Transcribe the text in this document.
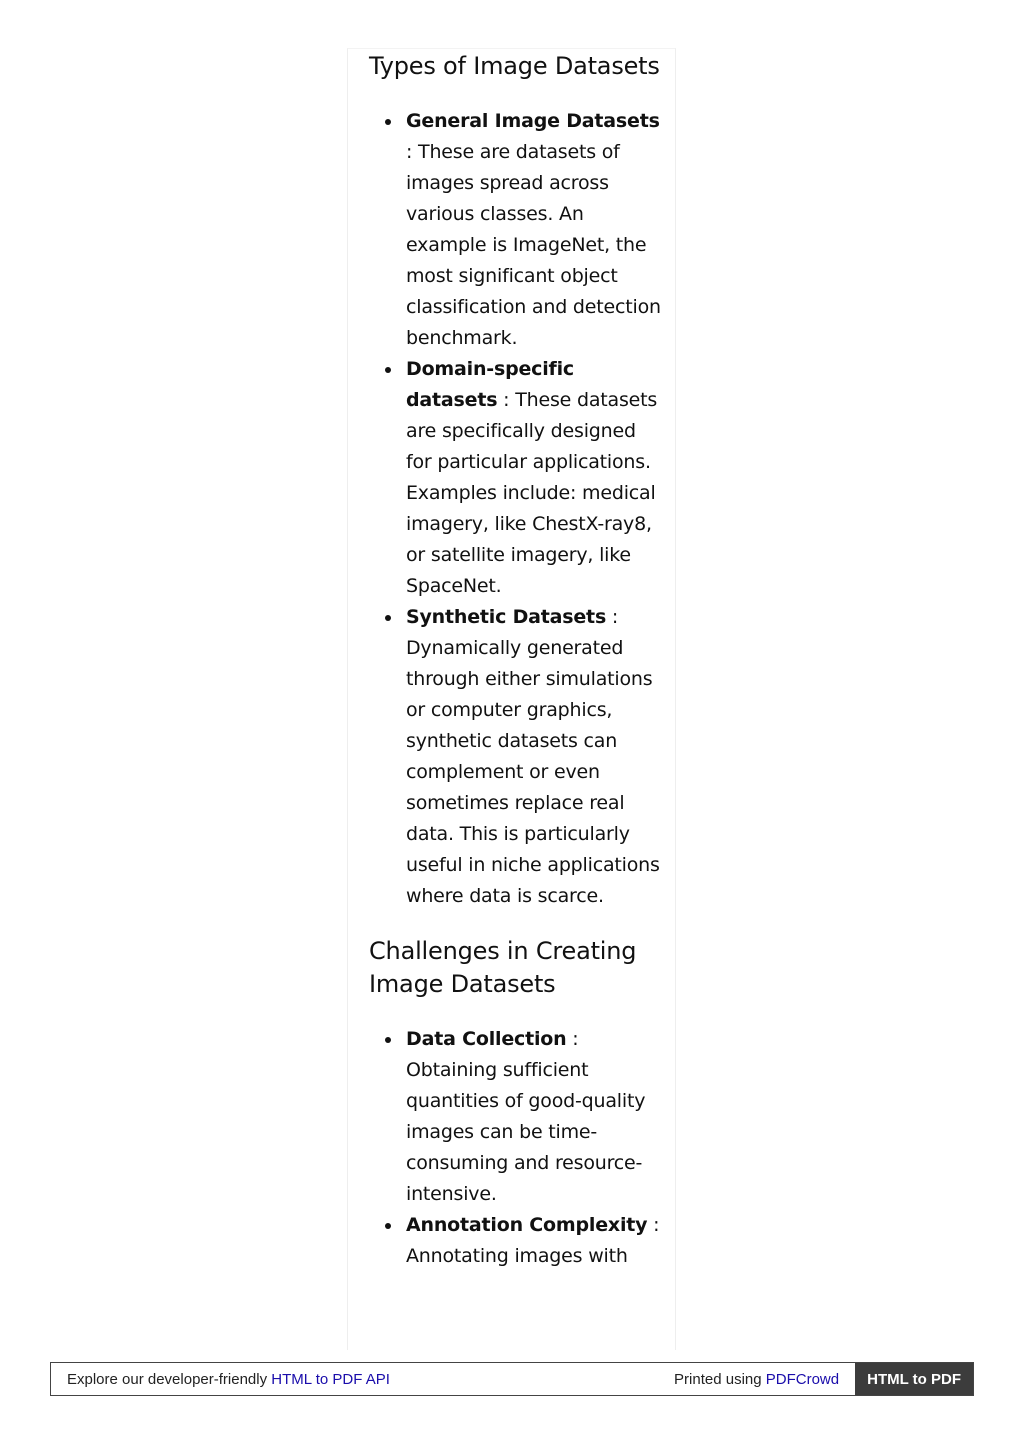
Types of Image Datasets
General Image Datasets : These are datasets of images spread across various classes. An example is ImageNet, the most significant object classification and detection benchmark.
Domain-specific datasets : These datasets are specifically designed for particular applications. Examples include: medical imagery, like ChestX-ray8, or satellite imagery, like SpaceNet.
Synthetic Datasets : Dynamically generated through either simulations or computer graphics, synthetic datasets can complement or even sometimes replace real data. This is particularly useful in niche applications where data is scarce.
Challenges in Creating Image Datasets
Data Collection : Obtaining sufficient quantities of good-quality images can be time-consuming and resource-intensive.
Annotation Complexity : Annotating images with
Explore our developer-friendly HTML to PDF API	Printed using PDFCrowd	HTML to PDF
